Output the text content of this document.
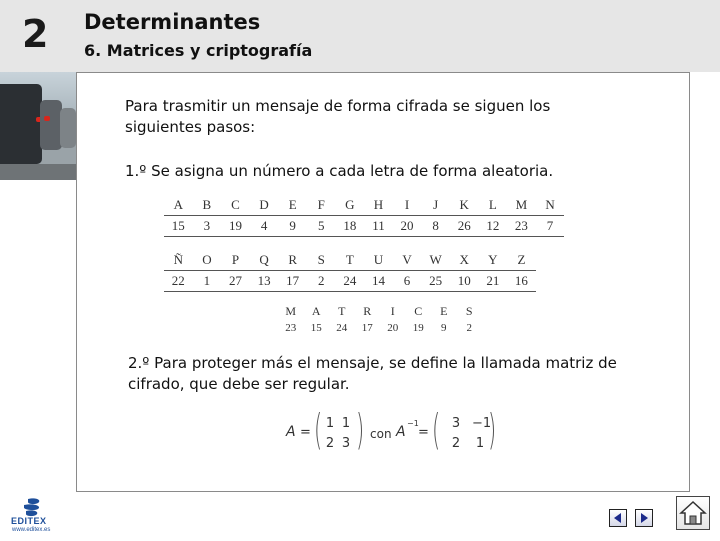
2 Determinantes
6. Matrices y criptografía
Para trasmitir un mensaje de forma cifrada se siguen los
siguientes pasos:
1.º Se asigna un número a cada letra de forma aleatoria.
A	B	C	D	E	F	G	H	I	J	K	L	M	N
15	3	19	4	9	5	18	11	20	8	26	12	23	7
Ñ	O	P	Q	R	S	T	U	V	W	X	Y	Z
22	1	27	13	17	2	24	14	6	25	10	21	16
M	A	T	R	I	C	E	S
23	15	24	17	20	19	9	2
2.º Para proteger más el mensaje, se define la llamada matriz de
cifrado, que debe ser regular.
A = ( 1 1
2 3 ) con A
−1
= ( 3 −1
2 1 )
EDITEX
www.editex.es
